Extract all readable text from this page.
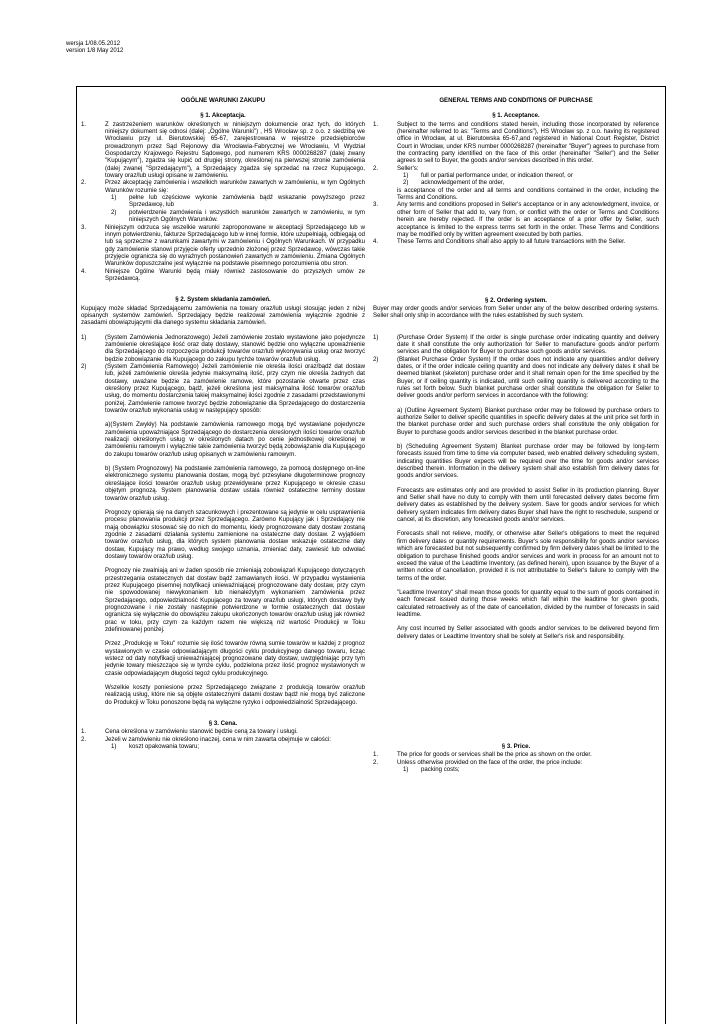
wersja 1/08.05.2012
version 1/8 May 2012

OGÓLNE WARUNKI ZAKUPU

§ 1. Akceptacja.

1.	Z zastrzeżeniem warunków określonych w niniejszym dokumencie oraz tych, do których niniejszy dokument się odnosi (dalej: „Ogólne Warunki") , HS Wrocław sp. z o.o. z siedzibą we Wrocławiu przy ul. Bierutowskiej 65-67, zarejestrowana w rejestrze przedsiębiorców prowadzonym przez Sąd Rejonowy dla Wrocławia-Fabrycznej we Wrocławiu, VI Wydział Gospodarczy Krajowego Rejestru Sądowego, pod numerem KRS 0000268287 (dalej zwany "Kupującym"), zgadza się kupić od drugiej strony, określonej na pierwszej stronie zamówienia (dalej zwanej "Sprzedającym"), a Sprzedający zgadza się sprzedać na rzecz Kupującego, towary oraz/lub usługi opisane w zamówieniu.
2.	Przez akceptację zamówienia i wszelkich warunków zawartych w zamówieniu, w tym Ogólnych Warunków rozumie się:
1)	pełne lub częściowe wykonie zamówienia bądź wskazanie powyższego przez Sprzedawcę, lub
2)	potwierdzenie zamówienia i wszystkich warunków zawartych w zamówieniu, w tym niniejszych Ogólnych Warunków.
3.	Niniejszym odrzuca się wszelkie warunki zaproponowane w akceptacji Sprzedającego lub w innym potwierdzeniu, fakturze Sprzedającego lub w innej formie, które uzupełniają, odbiegają od lub są sprzeczne z warunkami zawartymi w zamówieniu i Ogólnych Warunkach. W przypadku gdy zamówienie stanowi przyjęcie oferty uprzednio złożonej przez Sprzedawcę, wówczas takie przyjęcie ogranicza się do wyraźnych postanowień zawartych w zamówieniu. Zmiana Ogólnych Warunków dopuszczalne jest wyłącznie na podstawie pisemnego porozumienia obu stron.
4.	Niniejsze Ogólne Warunki będą miały również zastosowanie do przyszłych umów ze Sprzedawcą.

§ 2. System składania zamówień.

Kupujący może składać Sprzedającemu zamówienia na towary oraz/lub usługi stosując jeden z niżej opisanych systemów zamówień. Sprzedający będzie realizował zamówienia wyłącznie zgodnie z zasadami obowiązującymi dla danego systemu składania zamówień.

1)	(System Zamówienia Jednorazowego) Jeżeli zamówienie zostało wystawione jako pojedyncze zamówienie określające ilość oraz datę dostawy, stanowić będzie ono wyłączne upoważnienie dla Sprzedającego do rozpoczęcia produkcji towarów oraz/lub wykonywania usług oraz tworzyć będzie zobowiązanie dla Kupującego do zakupu tychże towarów oraz/lub usług.
2)	(System Zamówienia Ramowego) Jeżeli zamówienie nie określa ilości oraz/bądź dat dostaw lub, jeżeli zamówienie określa jedynie maksymalną ilość, przy czym nie określa żadnych dat dostawy, uważane będzie za zamówienie ramowe, które pozostanie otwarte przez czas określony przez Kupującego, bądź, jeżeli określona jest maksymalna ilość towarów oraz/lub usług, do momentu dostarczenia takiej maksymalnej ilości zgodnie z zasadami przedstawionymi poniżej. Zamówienie ramowe tworzyć będzie zobowiązanie dla Sprzedającego do dostarczenia towarów oraz/lub wykonania usług w następujący sposób:

a)(System Zwykły) Na podstawie zamówienia ramowego mogą być wystawiane pojedyncze zamówienia upoważniające Sprzedającego do dostarczenia określonych ilości towarów oraz/lub realizacji określonych usług w określonych datach po cenie jednostkowej określonej w zamówieniu ramowym i wyłącznie takie zamówienia tworzyć będą zobowiązanie dla Kupującego do zakupu towarów oraz/lub usług opisanych w zamówieniu ramowym.

b) (System Prognozowy) Na podstawie zamówienia ramowego, za pomocą dostępnego on-line elektronicznego systemu planowania dostaw, mogą być przesyłane długoterminowe prognozy określające ilości towarów oraz/lub usług przewidywane przez Kupującego w okresie czasu objętym prognozą. System planowania dostaw ustala również ostateczne terminy dostaw towarów oraz/lub usług.

Prognozy opierają się na danych szacunkowych i prezentowane są jedynie w celu usprawnienia procesu planowania produkcji przez Sprzedającego. Zarówno Kupujący jak i Sprzedający nie mają obowiązku stosować się do nich do momentu, kiedy prognozowane daty dostaw zostaną zgodnie z zasadami działania systemu zamienione na ostateczne daty dostaw. Z wyjątkiem towarów oraz/lub usług, dla których system planowania dostaw wskazuje ostateczne daty dostaw, Kupujący ma prawo, według swojego uznania, zmieniać daty, zawiesić lub odwołać dostawy towarów oraz/lub usług.

Prognozy nie zwalniają ani w żaden sposób nie zmieniają zobowiązań Kupującego dotyczących przestrzegania ostatecznych dat dostaw bądź zamawianych ilości. W przypadku wystawienia przez Kupującego pisemnej notyfikacji unieważniającej prognozowane daty dostaw, przy czym nie spowodowanej niewykonaniem lub nienależytym wykonaniem zamówienia przez Sprzedającego, odpowiedzialność Kupującego za towary oraz/lub usługi, których dostawy były prognozowane i nie zostały następnie potwierdzone w formie ostatecznych dat dostaw ogranicza się wyłącznie do obowiązku zakupu ukończonych towarów oraz/lub usług jak również prac w toku, przy czym za każdym razem nie większą niż wartość Produkcji w Toku zdefiniowanej poniżej.

Przez „Produkcję w Toku" rozumie się ilość towarów równą sumie towarów w każdej z prognoz wystawionych w czasie odpowiadającym długości cyklu produkcyjnego danego towaru, licząc wstecz od daty notyfikacji unieważniającej prognozowane daty dostaw, uwzględniając przy tym jedynie towary mieszczące się w tymże cyklu, podzielona przez ilość prognoz wystawionych w czasie odpowiadającym długości tegoż cyklu produkcyjnego.

Wszelkie koszty poniesione przez Sprzedającego związane z produkcją towarów oraz/lub realizacją usług, które nie są objęte ostatecznymi datami dostaw bądź nie mogą być zaliczone do Produkcji w Toku ponoszone będą na wyłączne ryzyko i odpowiedzialność Sprzedającego.

§ 3. Cena.

1.	Cena określona w zamówieniu stanowić będzie ceną za towary i usługi.
2.	Jeżeli w zamówieniu nie określono inaczej, cena w nim zawarta obejmuje w całości:
1)	koszt opakowania towaru;

GENERAL TERMS AND CONDITIONS OF PURCHASE

§ 1. Acceptance.

1.	Subject to the terms and conditions stated herein, including those incorporated by reference (hereinafter referred to as: "Terms and Conditions"), HS Wrocław sp. z o.o. having its registered office in Wrocław, at ul. Bierutowska 65-67,and registered in National Court Register, District Court in Wrocław, under KRS number 0000268287 (hereinafter "Buyer") agrees to purchase from the contracting party identified on the face of this order (hereinafter "Seller") and the Seller agrees to sell to Buyer, the goods and/or services described in this order.
2.	Seller's:
1)	full or partial performance under, or indication thereof, or
2)	acknowledgement of the order,

is acceptance of the order and all terms and conditions contained in the order, including the Terms and Conditions.

3.	Any terms and conditions proposed in Seller's acceptance or in any acknowledgment, invoice, or other form of Seller that add to, vary from, or conflict with the order or Terms and Conditions herein are hereby rejected. If the order is an acceptance of a prior offer by Seller, such acceptance is limited to the express terms set forth in the order. These Terms and Conditions may be modified only by written agreement executed by both parties.
4.	These Terms and Conditions shall also apply to all future transactions with the Seller.

§ 2. Ordering system.

Buyer may order goods and/or services from Seller under any of the below described ordering systems. Seller shall only ship in accordance with the rules established by such system.

1)	(Purchase Order System) If the order is single purchase order indicating quantity and delivery date it shall constitute the only authorization for Seller to manufacture goods and/or perform services and the obligation for Buyer to purchase such goods and/or services.
2)	(Blanket Purchase Order System) If the order does not indicate any quantities and/or delivery dates, or if the order indicate ceiling quantity and does not indicate any delivery dates it shall be deemed blanket (skeleton) purchase order and it shall remain open for the time specified by the Buyer, or if ceiling quantity is indicated, until such ceiling quantity is delivered according to the rules set forth below. Such blanket purchase order shall constitute the obligation for Seller to deliver goods and/or perform services in accordance with the following:

a) (Outline Agreement System) Blanket purchase order may be followed by purchase orders to authorize Seller to deliver specific quantities in specific delivery dates at the unit price set forth in the blanket purchase order and such purchase orders shall constitute the only obligation for Buyer to purchase goods and/or services described in the blanket purchase order.

b) (Scheduling Agreement System) Blanket purchase order may be followed by long-term forecasts issued from time to time via computer based, web enabled delivery scheduling system, indicating quantities Buyer expects will be required over the time for goods and/or services described therein. Information in the delivery system shall also establish firm delivery dates for goods and/or services.

Forecasts are estimates only and are provided to assist Seller in its production planning. Buyer and Seller shall have no duty to comply with them until forecasted delivery dates become firm delivery dates as established by the delivery system. Save for goods and/or services for which delivery system indicates firm delivery dates Buyer shall have the right to reschedule, suspend or cancel, at its discretion, any forecasted goods and/or services.

Forecasts shall not relieve, modify, or otherwise alter Seller's obligations to meet the required firm delivery dates or quantity requirements. Buyer's sole responsibility for goods and/or services which are forecasted but not subsequently confirmed by firm delivery dates shall be limited to the obligation to purchase finished goods and/or services and work in process for an amount not to exceed the value of the Leadtime Inventory, (as defined herein), upon issuance by the Buyer of a written notice of cancellation, provided it is not attributable to Seller's failure to comply with the terms of the order.

"Leadtime Inventory" shall mean those goods for quantity equal to the sum of goods contained in each forecast issued during those weeks which fall within the leadtime for given goods, calculated retroactively as of the date of cancellation, divided by the number of forecasts in said leadtime.

Any cost incurred by Seller associated with goods and/or services to be delivered beyond firm delivery dates or Leadtime Inventory shall be solely at Seller's risk and responsibility.

§ 3. Price.

1.	The price for goods or services shall be the price as shown on the order.
2.	Unless otherwise provided on the face of the order, the price include:
1)	packing costs;
